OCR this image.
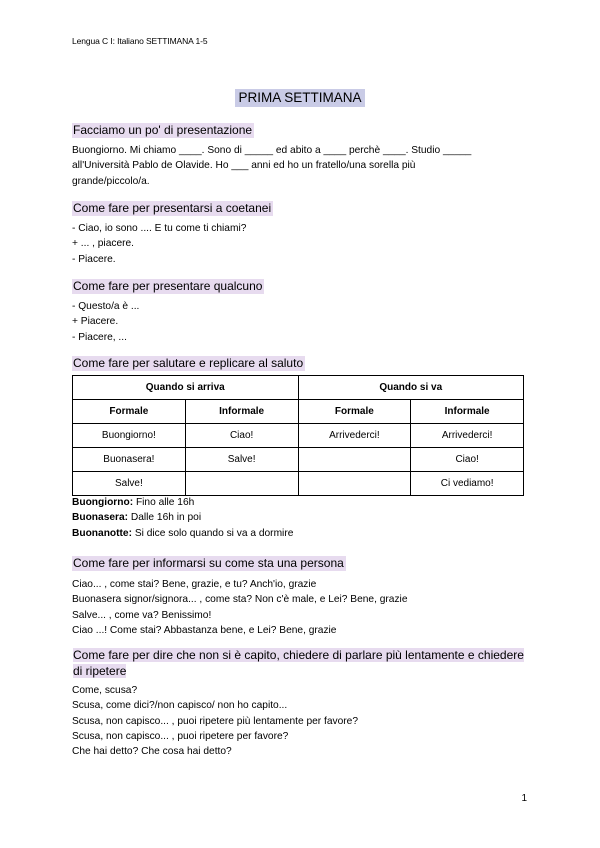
Lengua C I: Italiano SETTIMANA 1-5
PRIMA SETTIMANA
Facciamo un po' di presentazione

Buongiorno. Mi chiamo ____. Sono di _____ ed abito a ____ perchè ____. Studio _____

all'Università Pablo de Olavide. Ho ___ anni ed ho un fratello/una sorella più

grande/piccolo/a.

Come fare per presentarsi a coetanei

- Ciao, io sono .... E tu come ti chiami?

+ ... , piacere.

- Piacere.

Come fare per presentare qualcuno

- Questo/a è ...

+ Piacere.

- Piacere, ...

Come fare per salutare e replicare al saluto
Quando si arriva		Quando si va	
Formale	Informale	Formale	Informale
Buongiorno!	Ciao!	Arrivederci!	Arrivederci!
Buonasera!	Salve!		Ciao!
Salve!			Ci vediamo!
Buongiorno: Fino alle 16h
Buonasera: Dalle 16h in poi
Buonanotte: Si dice solo quando si va a dormire
Come fare per informarsi su come sta una persona

Ciao... , come stai? Bene, grazie, e tu? Anch'io, grazie

Buonasera signor/signora... , come sta? Non c'è male, e Lei? Bene, grazie

Salve... , come va? Benissimo!

Ciao ...! Come stai? Abbastanza bene, e Lei? Bene, grazie

Come fare per dire che non si è capito, chiedere di parlare più lentamente e chiedere
di ripetere

Come, scusa?

Scusa, come dici?/non capisco/ non ho capito...

Scusa, non capisco... , puoi ripetere più lentamente per favore?

Scusa, non capisco... , puoi ripetere per favore?

Che hai detto? Che cosa hai detto?

1
